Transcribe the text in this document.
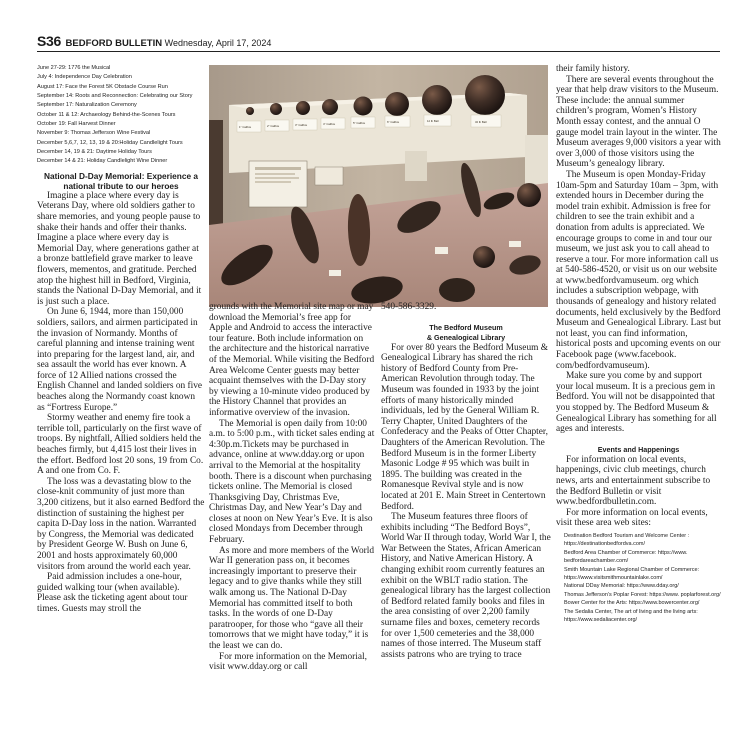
S36 BEDFORD BULLETIN Wednesday, April 17, 2024
June 27-29: 1776 the Musical
July 4: Independence Day Celebration
August 17: Face the Forest 5K Obstacle Course Run
September 14: Roots and Reconnection: Celebrating our Story
September 17: Naturalization Ceremony
October 11 & 12: Archaeology Behind-the-Scenes Tours
October 19: Fall Harvest Dinner
November 9: Thomas Jefferson Wine Festival
December 5,6,7, 12, 13, 19 & 20:Holiday Candlelight Tours
December 14, 19 & 21: Daytime Holiday Tours
December 14 & 21: Holiday Candlelight Wine Dinner
National D-Day Memorial: Experience a national tribute to our heroes

Imagine a place where every day is Veterans Day, where old soldiers gather to share memories, and young people pause to shake their hands and offer their thanks. Imagine a place where every day is Memorial Day, where generations gather at a bronze battlefield grave marker to leave flowers, mementos, and gratitude. Perched atop the highest hill in Bedford, Virginia, stands the National D-Day Memorial, and it is just such a place.

On June 6, 1944, more than 150,000 soldiers, sailors, and airmen participated in the invasion of Normandy. Months of careful planning and intense training went into preparing for the largest land, air, and sea assault the world has ever known. A force of 12 Allied nations crossed the English Channel and landed soldiers on five beaches along the Normandy coast known as “Fortress Europe.”

Stormy weather and enemy fire took a terrible toll, particularly on the first wave of troops. By nightfall, Allied soldiers held the beaches firmly, but 4,415 lost their lives in the effort. Bedford lost 20 sons, 19 from Co. A and one from Co. F.

The loss was a devastating blow to the close-knit community of just more than 3,200 citizens, but it also earned Bedford the distinction of sustaining the highest per capita D-Day loss in the nation. Warranted by Congress, the Memorial was dedicated by President George W. Bush on June 6, 2001 and hosts approximately 60,000 visitors from around the world each year.

Paid admission includes a one-hour, guided walking tour (when available). Please ask the ticketing agent about tour times. Guests may stroll the

1" Calibre	2" Calibre	3" Calibre	4" Calibre	5" Calibre	6" Calibre	12 lb Ball	32 lb Ball

grounds with the Memorial site map or may download the Memorial’s free app for Apple and Android to access the interactive tour feature. Both include information on the architecture and the historical narrative of the Memorial. While visiting the Bedford Area Welcome Center guests may better acquaint themselves with the D-Day story by viewing a 10-minute video produced by the History Channel that provides an informative overview of the invasion.

The Memorial is open daily from 10:00 a.m. to 5:00 p.m., with ticket sales ending at 4:30p.m.Tickets may be purchased in advance, online at www.dday.org or upon arrival to the Memorial at the hospitality booth. There is a discount when purchasing tickets online. The Memorial is closed Thanksgiving Day, Christmas Eve, Christmas Day, and New Year’s Day and closes at noon on New Year’s Eve. It is also closed Mondays from December through February.

As more and more members of the World War II generation pass on, it becomes increasingly important to preserve their legacy and to give thanks while they still walk among us. The National D-Day Memorial has committed itself to both tasks. In the words of one D-Day paratrooper, for those who “gave all their tomorrows that we might have today,” it is the least we can do.

For more information on the Memorial, visit www.dday.org or call

540-586-3329.

The Bedford Museum
& Genealogical Library

For over 80 years the Bedford Museum & Genealogical Library has shared the rich history of Bedford County from Pre-American Revolution through today. The Museum was founded in 1933 by the joint efforts of many historically minded individuals, led by the General William R. Terry Chapter, United Daughters of the Confederacy and the Peaks of Otter Chapter, Daughters of the American Revolution. The Bedford Museum is in the former Liberty Masonic Lodge # 95 which was built in 1895. The building was created in the Romanesque Revival style and is now located at 201 E. Main Street in Centertown Bedford.

The Museum features three floors of exhibits including “The Bedford Boys”, World War II through today, World War I, the War Between the States, African American History, and Native American History. A changing exhibit room currently features an exhibit on the WBLT radio station. The genealogical library has the largest collection of Bedford related family books and files in the area consisting of over 2,200 family surname files and boxes, cemetery records for over 1,500 cemeteries and the 38,000 names of those interred. The Museum staff assists patrons who are trying to trace

their family history.

There are several events throughout the year that help draw visitors to the Museum. These include: the annual summer children’s program, Women’s History Month essay contest, and the annual O gauge model train layout in the winter. The Museum averages 9,000 visitors a year with over 3,000 of those visitors using the Museum’s genealogy library.

The Museum is open Monday-Friday 10am-5pm and Saturday 10am – 3pm, with extended hours in December during the model train exhibit. Admission is free for children to see the train exhibit and a donation from adults is appreciated. We encourage groups to come in and tour our museum, we just ask you to call ahead to reserve a tour. For more information call us at 540-586-4520, or visit us on our website at www.bedfordvamuseum. org which includes a subscription webpage, with thousands of genealogy and history related documents, held exclusively by the Bedford Museum and Genealogical Library. Last but not least, you can find information, historical posts and upcoming events on our Facebook page (www.facebook. com/bedfordvamuseum).

Make sure you come by and support your local museum. It is a precious gem in Bedford. You will not be disappointed that you stopped by. The Bedford Museum & Genealogical Library has something for all ages and interests.

Events and Happenings

For information on local events, happenings, civic club meetings, church news, arts and entertainment subscribe to the Bedford Bulletin or visit www.bedfordbulletin.com.

For more information on local events, visit these area web sites:

Destination Bedford Tourism and Welcome Center : https://destinationbedfordva.com/
Bedford Area Chamber of Commerce: https://www. bedfordareachamber.com/
Smith Mountain Lake Regional Chamber of Commerce: https://www.visitsmithmountainlake.com/
National DDay Memorial: https://www.dday.org/
Thomas Jefferson’s Poplar Forest: https://www. poplarforest.org/
Bower Center for the Arts: https://www.bowercenter.org/
The Sedalia Center, The art of living and the living arts: https://www.sedaliacenter.org/
